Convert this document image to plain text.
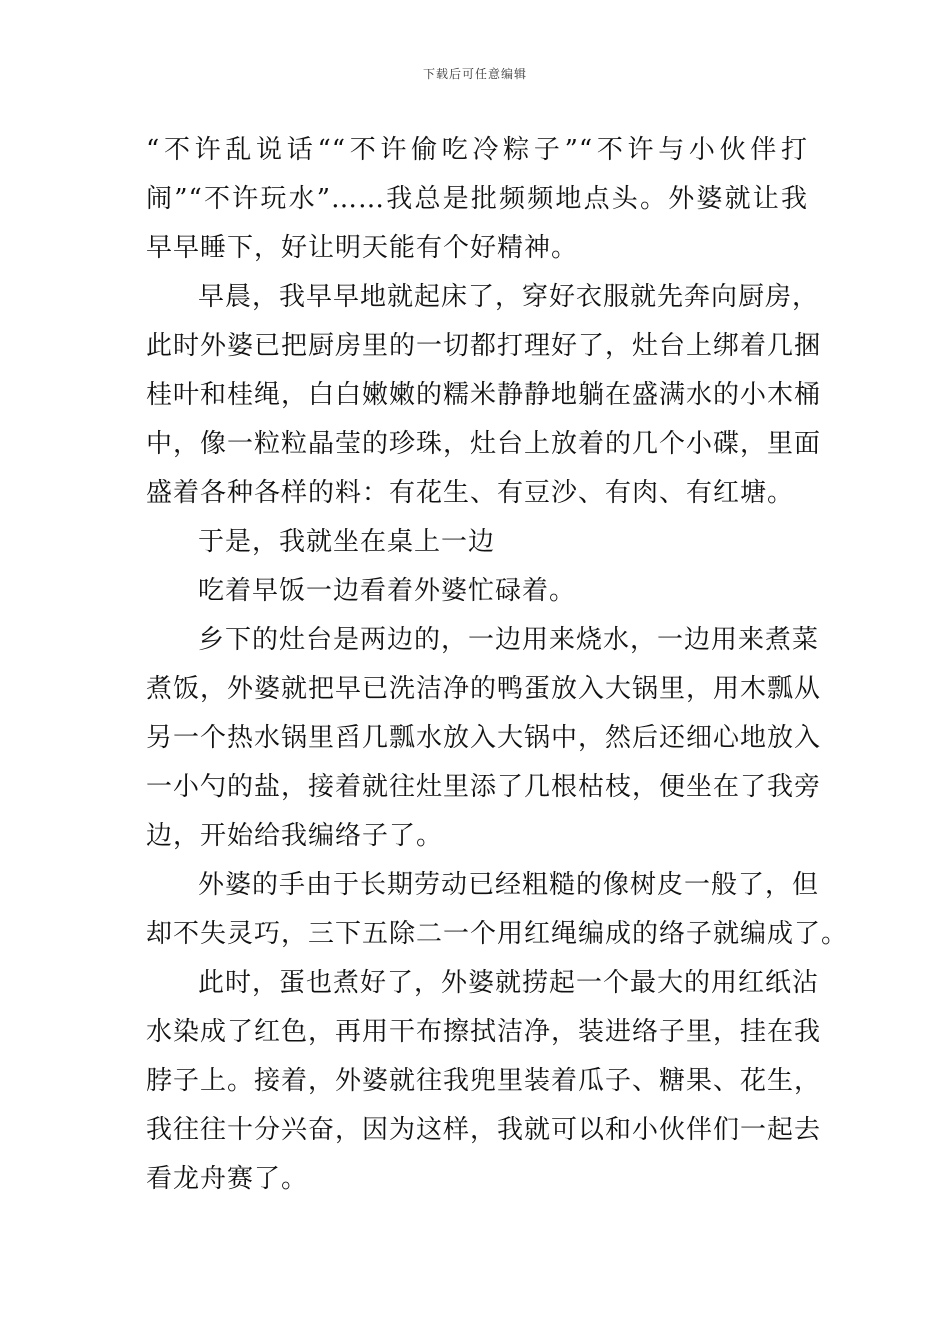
下载后可任意编辑
“不许乱说话““不许偷吃冷粽子”“不许与小伙伴打
闹”“不许玩水”……我总是批频频地点头。外婆就让我
早早睡下，好让明天能有个好精神。
早晨，我早早地就起床了，穿好衣服就先奔向厨房，
此时外婆已把厨房里的一切都打理好了，灶台上绑着几捆
桂叶和桂绳，白白嫩嫩的糯米静静地躺在盛满水的小木桶
中，像一粒粒晶莹的珍珠，灶台上放着的几个小碟，里面
盛着各种各样的料：有花生、有豆沙、有肉、有红塘。
于是，我就坐在桌上一边
吃着早饭一边看着外婆忙碌着。
乡下的灶台是两边的，一边用来烧水，一边用来煮菜
煮饭，外婆就把早已洗洁净的鸭蛋放入大锅里，用木瓢从
另一个热水锅里舀几瓢水放入大锅中，然后还细心地放入
一小勺的盐，接着就往灶里添了几根枯枝，便坐在了我旁
边，开始给我编络子了。
外婆的手由于长期劳动已经粗糙的像树皮一般了，但
却不失灵巧，三下五除二一个用红绳编成的络子就编成了。
此时，蛋也煮好了，外婆就捞起一个最大的用红纸沾
水染成了红色，再用干布擦拭洁净，装进络子里，挂在我
脖子上。接着，外婆就往我兜里装着瓜子、糖果、花生，
我往往十分兴奋，因为这样，我就可以和小伙伴们一起去
看龙舟赛了。
